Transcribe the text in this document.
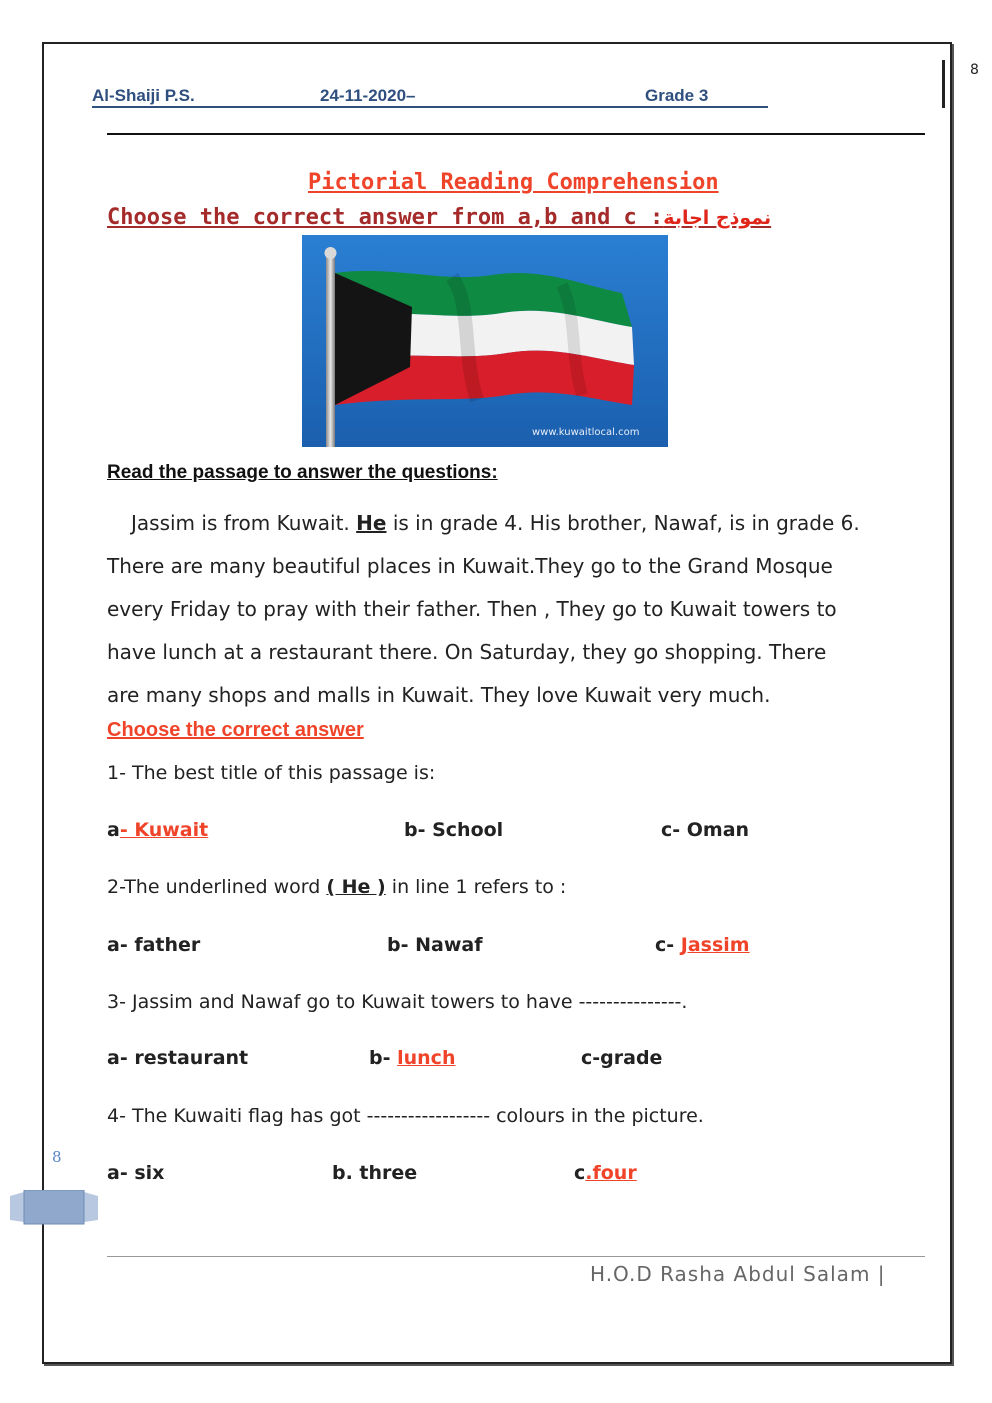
8
Al-Shaiji P.S.	24-11-2020–	Grade 3
Pictorial Reading Comprehension
Choose the correct answer from a,b and c :نموذج اجابة
www.kuwaitlocal.com
Read the passage to answer the questions:
Jassim is from Kuwait. He is in grade 4. His brother, Nawaf, is in grade 6.
There are many beautiful places in Kuwait.They go to the Grand Mosque
every Friday to pray with their father. Then , They go to Kuwait towers to
have lunch at a restaurant there. On Saturday, they go shopping. There
are many shops and malls in Kuwait. They love Kuwait very much.
Choose the correct answer
1- The best title of this passage is:
a- Kuwait	b- School	c- Oman
2-The underlined word ( He ) in line 1 refers to :
a- father	b- Nawaf	c- Jassim
3- Jassim and Nawaf go to Kuwait towers to have ---------------.
a- restaurant	b- lunch	c-grade
4- The Kuwaiti flag has got ------------------ colours in the picture.
a- six	b. three	c.four
8
H.O.D Rasha Abdul Salam |
